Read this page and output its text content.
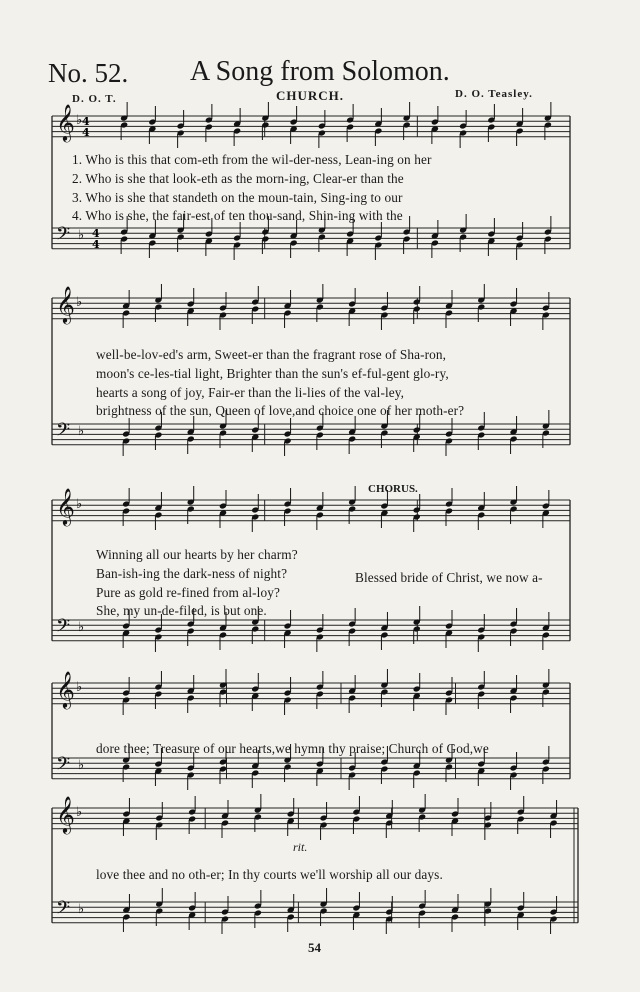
𝄞 ♭
𝄢 ♭
4
4
4
4
𝄞 ♭
𝄢 ♭
𝄞 ♭
𝄢 ♭
𝄞 ♭
𝄢 ♭
𝄞 ♭
𝄢 ♭
No. 52. A Song from Solomon.
D. O. T.	CHURCH.	D. O. Teasley.
1. Who is this that com-eth from the wil-der-ness, Lean-ing on her
2. Who is she that look-eth as the morn-ing, Clear-er than the
3. Who is she that standeth on the moun-tain, Sing-ing to our
4. Who is she, the fair-est of ten thou-sand, Shin-ing with the
well-be-lov-ed's arm, Sweet-er than the fragrant rose of Sha-ron,
moon's ce-les-tial light, Brighter than the sun's ef-ful-gent glo-ry,
hearts a song of joy, Fair-er than the li-lies of the val-ley,
brightness of the sun, Queen of love,and choice one of her moth-er?
Winning all our hearts by her charm?
Ban-ish-ing the dark-ness of night?
Pure as gold re-fined from al-loy?
She, my un-de-filed, is but one.
Blessed bride of Christ, we now a-
CHORUS.
dore thee; Treasure of our hearts,we hymn thy praise; Church of God,we
rit.
love thee and no oth-er; In thy courts we'll worship all our days.
54
